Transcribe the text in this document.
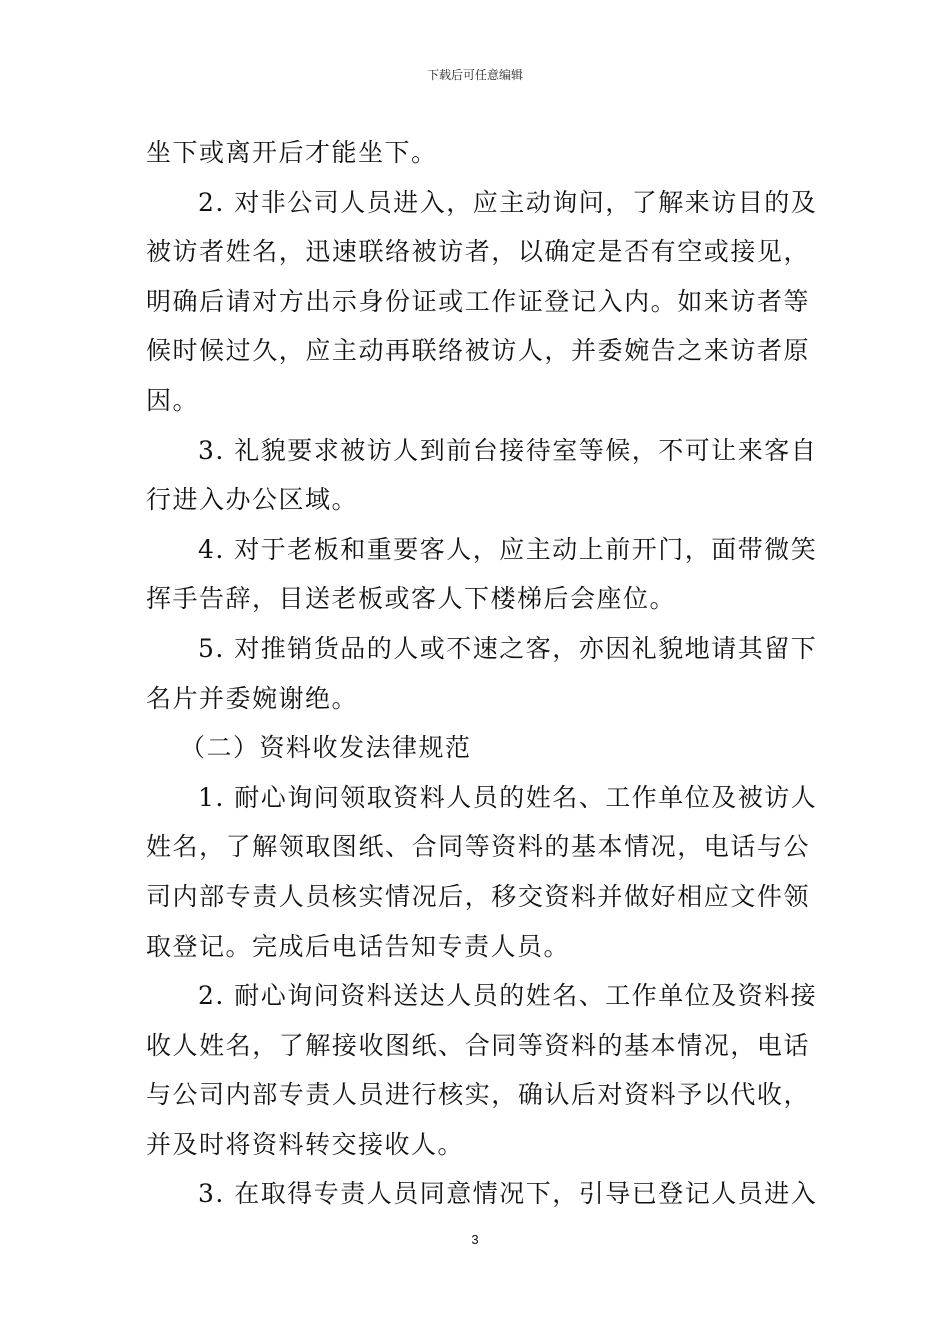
下载后可任意编辑
坐下或离开后才能坐下。
2. 对非公司人员进入，应主动询问，了解来访目的及
被访者姓名，迅速联络被访者，以确定是否有空或接见，
明确后请对方出示身份证或工作证登记入内。如来访者等
候时候过久，应主动再联络被访人，并委婉告之来访者原
因。
3. 礼貌要求被访人到前台接待室等候，不可让来客自
行进入办公区域。
4. 对于老板和重要客人，应主动上前开门，面带微笑
挥手告辞，目送老板或客人下楼梯后会座位。
5. 对推销货品的人或不速之客，亦因礼貌地请其留下
名片并委婉谢绝。
（二）资料收发法律规范
1. 耐心询问领取资料人员的姓名、工作单位及被访人
姓名，了解领取图纸、合同等资料的基本情况，电话与公
司内部专责人员核实情况后，移交资料并做好相应文件领
取登记。完成后电话告知专责人员。
2. 耐心询问资料送达人员的姓名、工作单位及资料接
收人姓名，了解接收图纸、合同等资料的基本情况，电话
与公司内部专责人员进行核实，确认后对资料予以代收，
并及时将资料转交接收人。
3. 在取得专责人员同意情况下，引导已登记人员进入
3
